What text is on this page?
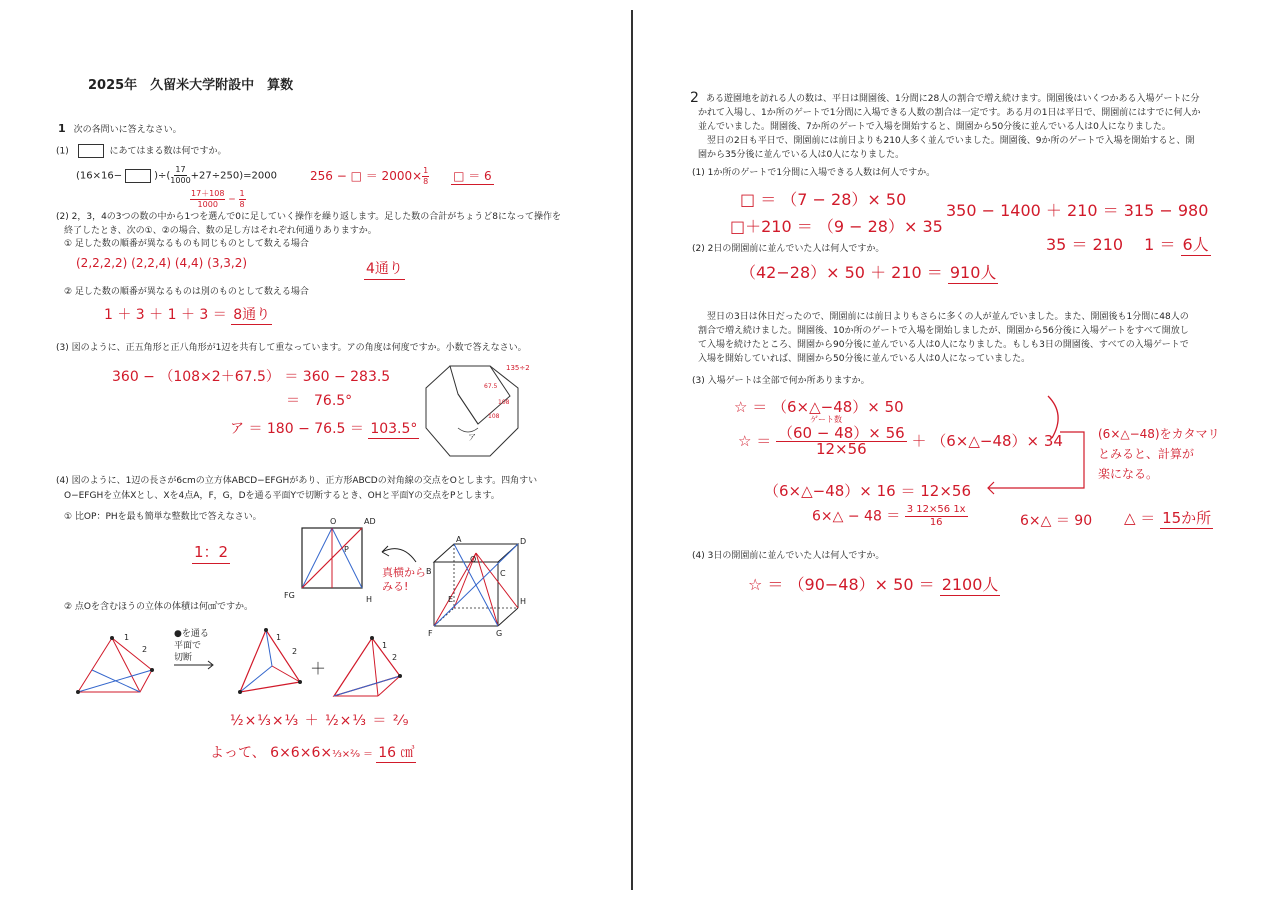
2025年　久留米大学附設中　算数
1 次の各問いに答えなさい。
(1)	にあてはまる数は何ですか。
(16×16−	)÷( $\frac{17}{1000} +27\div 250)=2000$
$\frac{17+108}{1000} = \frac{1}{8}$
256 − □ ＝ $2000\times \frac{1}{8}$ □ ＝ 6
(2) 2，3，4の3つの数の中から1つを選んで0に足していく操作を繰り返します。足した数の合計がちょうど8になって操作を
終了したとき、次の①、②の場合、数の足し方はそれぞれ何通りありますか。
① 足した数の順番が異なるものも同じものとして数える場合
(2,2,2,2) (2,2,4) (4,4) (3,3,2)	4通り
② 足した数の順番が異なるものは別のものとして数える場合
1 ＋ 3 ＋ 1 ＋ 3 ＝ 8通り
(3) 図のように、正五角形と正八角形が1辺を共有して重なっています。アの角度は何度ですか。小数で答えなさい。
360 − （108×2＋67.5） ＝ 360 − 283.5
＝　76.5°
ア ＝ 180 − 76.5 ＝ 103.5°
ア
135÷2
67.5
108
108
(4) 図のように、1辺の長さが6cmの立方体ABCD−EFGHがあり、正方形ABCDの対角線の交点をOとします。四角すい
O−EFGHを立体Xとし、Xを4点A，F，G，Dを通る平面Yで切断するとき、OHと平面Yの交点をPとします。
① 比OP：PHを最も簡単な整数比で答えなさい。
1：2
O	AD
P
FG	H
真横から
みる!
A
B	C
D
E
F	G
H
O
② 点Oを含むほうの立体の体積は何㎤ですか。
1
2
●を通る
平面で
切断
1
2
＋
1
2
½×⅓×⅓ ＋ ½×⅓ ＝ ²⁄₉
よって、 6×6×6×⅓×²⁄₉ ＝ 16 ㎤
2 ある遊園地を訪れる人の数は、平日は開園後、1分間に28人の割合で増え続けます。開園後はいくつかある入場ゲートに分
かれて入場し、1か所のゲートで1分間に入場できる人数の割合は一定です。ある月の1日は平日で、開園前にはすでに何人か
並んでいました。開園後、7か所のゲートで入場を開始すると、開園から50分後に並んでいる人は0人になりました。
　翌日の2日も平日で、開園前には前日よりも210人多く並んでいました。開園後、9か所のゲートで入場を開始すると、開
園から35分後に並んでいる人は0人になりました。
(1) 1か所のゲートで1分間に入場できる人数は何人ですか。
□ ＝ （7 − 28）× 50
□＋210 ＝ （9 − 28）× 35
350 − 1400 ＋ 210 ＝ 315 − 980
35 ＝ 210 1 ＝ 6人
(2) 2日の開園前に並んでいた人は何人ですか。
（42−28）× 50 ＋ 210 ＝ 910人
　翌日の3日は休日だったので、開園前には前日よりもさらに多くの人が並んでいました。また、開園後も1分間に48人の
割合で増え続けました。開園後、10か所のゲートで入場を開始しましたが、開園から56分後に入場ゲートをすべて開放し
て入場を続けたところ、開園から90分後に並んでいる人は0人になりました。もしも3日の開園後、すべての入場ゲートで
入場を開始していれば、開園から50分後に並んでいる人は0人になっていました。
(3) 入場ゲートは全部で何か所ありますか。
☆ ＝ （6×△−48）× 50
ゲート数
☆ ＝ $\frac{(60 - 48)\times 56}{12\times 56}$ ＋ （6×△−48）× 34	(6×△−48)をカタマリ
とみると、計算が
楽になる。
（6×△−48）× 16 ＝ 12×56
6×△ − $48 = \frac{3 12\times 56 1x}{16}$	6×△ ＝ 90 △ ＝ 15か所
(4) 3日の開園前に並んでいた人は何人ですか。
☆ ＝ （90−48）× 50 ＝ 2100人
